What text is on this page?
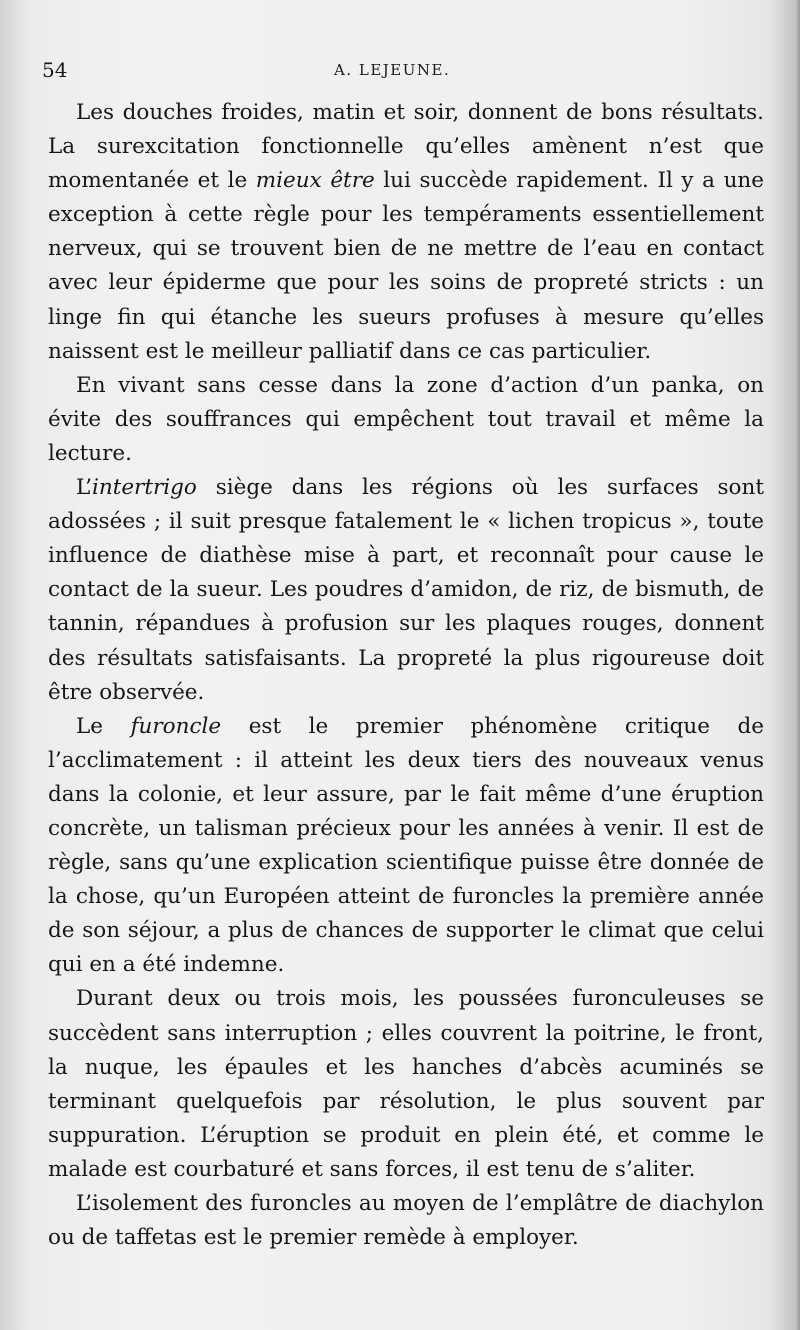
54	A. LEJEUNE.

Les douches froides, matin et soir, donnent de bons résultats. La surexcitation fonctionnelle qu’elles amènent n’est que momentanée et le mieux être lui succède rapidement. Il y a une exception à cette règle pour les tempéraments essentiellement nerveux, qui se trouvent bien de ne mettre de l’eau en contact avec leur épiderme que pour les soins de propreté stricts : un linge fin qui étanche les sueurs profuses à mesure qu’elles naissent est le meilleur palliatif dans ce cas particulier.

En vivant sans cesse dans la zone d’action d’un panka, on évite des souffrances qui empêchent tout travail et même la lecture.

L’intertrigo siège dans les régions où les surfaces sont adossées ; il suit presque fatalement le « lichen tropicus », toute influence de diathèse mise à part, et reconnaît pour cause le contact de la sueur. Les poudres d’amidon, de riz, de bismuth, de tannin, répandues à profusion sur les plaques rouges, donnent des résultats satisfaisants. La propreté la plus rigoureuse doit être observée.

Le furoncle est le premier phénomène critique de l’acclimatement : il atteint les deux tiers des nouveaux venus dans la colonie, et leur assure, par le fait même d’une éruption concrète, un talisman précieux pour les années à venir. Il est de règle, sans qu’une explication scientifique puisse être donnée de la chose, qu’un Européen atteint de furoncles la première année de son séjour, a plus de chances de supporter le climat que celui qui en a été indemne.

Durant deux ou trois mois, les poussées furonculeuses se succèdent sans interruption ; elles couvrent la poitrine, le front, la nuque, les épaules et les hanches d’abcès acuminés se terminant quelquefois par résolution, le plus souvent par suppuration. L’éruption se produit en plein été, et comme le malade est courbaturé et sans forces, il est tenu de s’aliter.

L’isolement des furoncles au moyen de l’emplâtre de diachylon ou de taffetas est le premier remède à employer.
